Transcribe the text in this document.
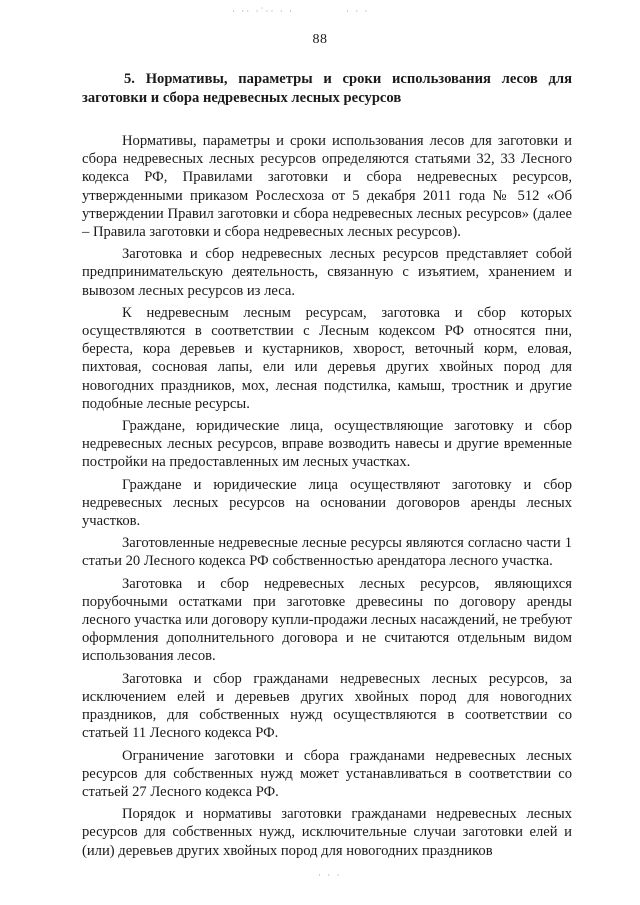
· ·· ·˙·· · ·	· · ·
· · ·
88

5. Нормативы, параметры и сроки использования лесов для заготовки и сбора недревесных лесных ресурсов

Нормативы, параметры и сроки использования лесов для заготовки и сбора недревесных лесных ресурсов определяются статьями 32, 33 Лесного кодекса РФ, Правилами заготовки и сбора недревесных ресурсов, утвержденными приказом Рослесхоза от 5 декабря 2011 года № 512 «Об утверждении Правил заготовки и сбора недревесных лесных ресурсов» (далее – Правила заготовки и сбора недревесных лесных ресурсов).

Заготовка и сбор недревесных лесных ресурсов представляет собой предпринимательскую деятельность, связанную с изъятием, хранением и вывозом лесных ресурсов из леса.

К недревесным лесным ресурсам, заготовка и сбор которых осуществляются в соответствии с Лесным кодексом РФ относятся пни, береста, кора деревьев и кустарников, хворост, веточный корм, еловая, пихтовая, сосновая лапы, ели или деревья других хвойных пород для новогодних праздников, мох, лесная подстилка, камыш, тростник и другие подобные лесные ресурсы.

Граждане, юридические лица, осуществляющие заготовку и сбор недревесных лесных ресурсов, вправе возводить навесы и другие временные постройки на предоставленных им лесных участках.

Граждане и юридические лица осуществляют заготовку и сбор недревесных лесных ресурсов на основании договоров аренды лесных участков.

Заготовленные недревесные лесные ресурсы являются согласно части 1 статьи 20 Лесного кодекса РФ собственностью арендатора лесного участка.

Заготовка и сбор недревесных лесных ресурсов, являющихся порубочными остатками при заготовке древесины по договору аренды лесного участка или договору купли-продажи лесных насаждений, не требуют оформления дополнительного договора и не считаются отдельным видом использования лесов.

Заготовка и сбор гражданами недревесных лесных ресурсов, за исключением елей и деревьев других хвойных пород для новогодних праздников, для собственных нужд осуществляются в соответствии со статьей 11 Лесного кодекса РФ.

Ограничение заготовки и сбора гражданами недревесных лесных ресурсов для собственных нужд может устанавливаться в соответствии со статьей 27 Лесного кодекса РФ.

Порядок и нормативы заготовки гражданами недревесных лесных ресурсов для собственных нужд, исключительные случаи заготовки елей и (или) деревьев других хвойных пород для новогодних праздников
